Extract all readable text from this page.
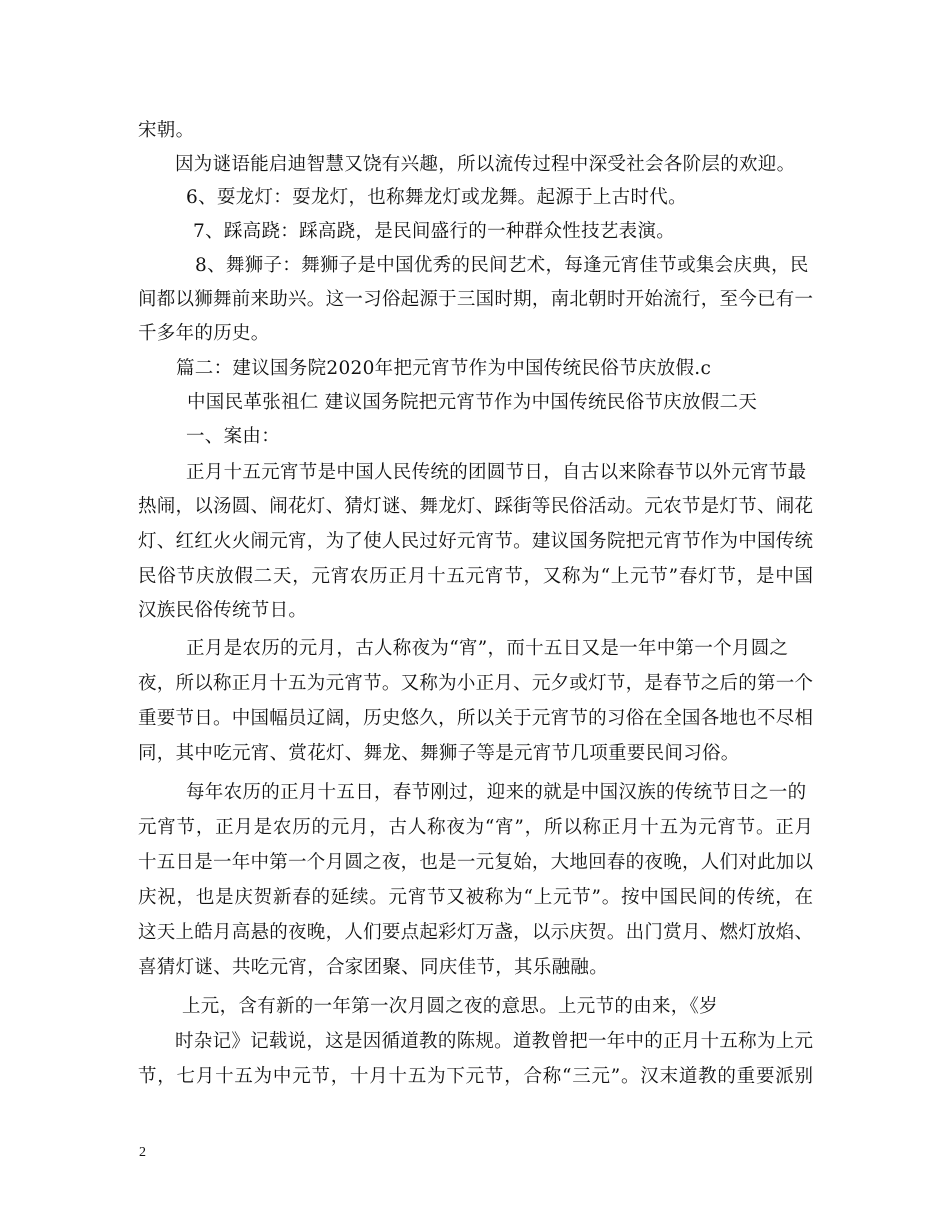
宋朝。
因为谜语能启迪智慧又饶有兴趣，所以流传过程中深受社会各阶层的欢迎。
6、耍龙灯：耍龙灯，也称舞龙灯或龙舞。起源于上古时代。
7、踩高跷：踩高跷，是民间盛行的一种群众性技艺表演。
8、舞狮子：舞狮子是中国优秀的民间艺术，每逢元宵佳节或集会庆典，民
间都以狮舞前来助兴。这一习俗起源于三国时期，南北朝时开始流行，至今已有一
千多年的历史。
篇二：建议国务院2020年把元宵节作为中国传统民俗节庆放假.c
中国民革张祖仁 建议国务院把元宵节作为中国传统民俗节庆放假二天
一、案由：
正月十五元宵节是中国人民传统的团圆节日，自古以来除春节以外元宵节最
热闹，以汤圆、闹花灯、猜灯谜、舞龙灯、踩街等民俗活动。元农节是灯节、闹花
灯、红红火火闹元宵，为了使人民过好元宵节。建议国务院把元宵节作为中国传统
民俗节庆放假二天，元宵农历正月十五元宵节，又称为“上元节”春灯节，是中国
汉族民俗传统节日。
正月是农历的元月，古人称夜为“宵”，而十五日又是一年中第一个月圆之
夜，所以称正月十五为元宵节。又称为小正月、元夕或灯节，是春节之后的第一个
重要节日。中国幅员辽阔，历史悠久，所以关于元宵节的习俗在全国各地也不尽相
同，其中吃元宵、赏花灯、舞龙、舞狮子等是元宵节几项重要民间习俗。
每年农历的正月十五日，春节刚过，迎来的就是中国汉族的传统节日之一的
元宵节，正月是农历的元月，古人称夜为“宵”，所以称正月十五为元宵节。正月
十五日是一年中第一个月圆之夜，也是一元复始，大地回春的夜晚，人们对此加以
庆祝，也是庆贺新春的延续。元宵节又被称为“上元节”。按中国民间的传统，在
这天上皓月高悬的夜晚，人们要点起彩灯万盏，以示庆贺。出门赏月、燃灯放焰、
喜猜灯谜、共吃元宵，合家团聚、同庆佳节，其乐融融。
上元，含有新的一年第一次月圆之夜的意思。上元节的由来，《岁
时杂记》记载说，这是因循道教的陈规。道教曾把一年中的正月十五称为上元
节，七月十五为中元节，十月十五为下元节，合称“三元”。汉末道教的重要派别
2
